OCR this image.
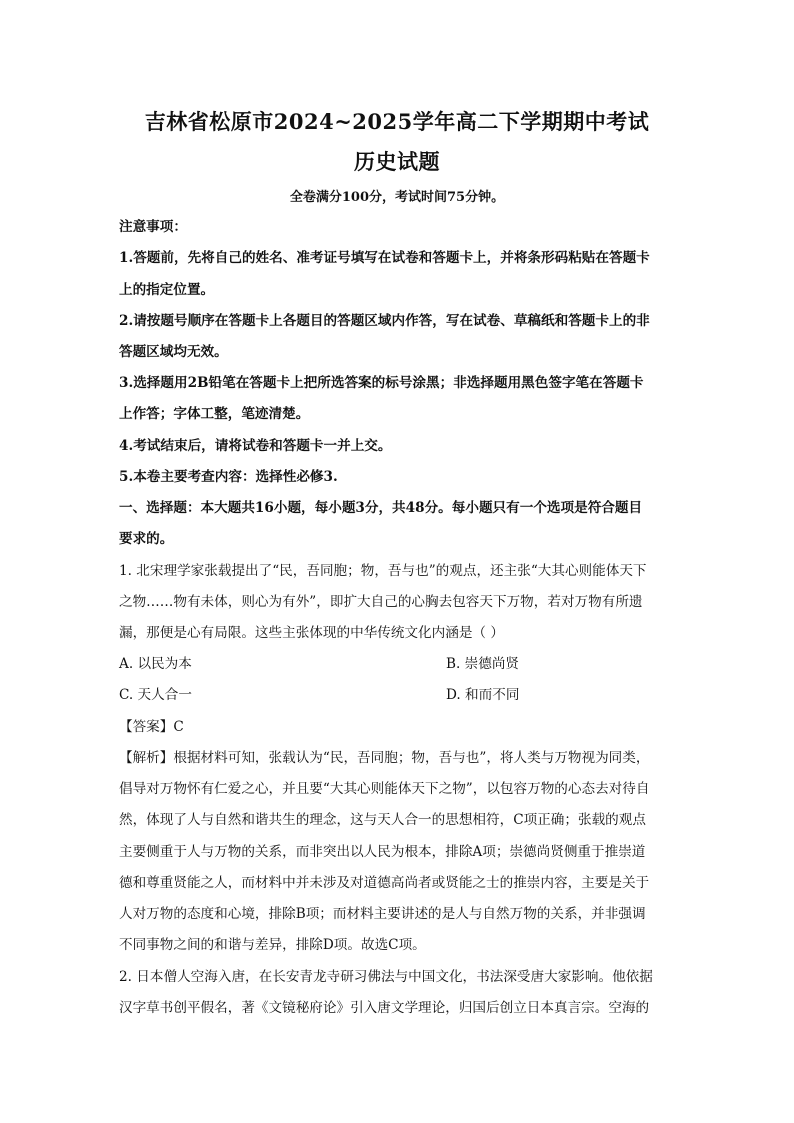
吉林省松原市2024~2025学年高二下学期期中考试
历史试题
全卷满分100分，考试时间75分钟。
注意事项：
1.答题前，先将自己的姓名、准考证号填写在试卷和答题卡上，并将条形码粘贴在答题卡
上的指定位置。
2.请按题号顺序在答题卡上各题目的答题区域内作答，写在试卷、草稿纸和答题卡上的非
答题区域均无效。
3.选择题用2B铅笔在答题卡上把所选答案的标号涂黑；非选择题用黑色签字笔在答题卡
上作答；字体工整，笔迹清楚。
4.考试结束后，请将试卷和答题卡一并上交。
5.本卷主要考查内容：选择性必修3.
一、选择题：本大题共16小题，每小题3分，共48分。每小题只有一个选项是符合题目
要求的。
1. 北宋理学家张载提出了“民，吾同胞；物，吾与也”的观点，还主张“大其心则能体天下
之物……物有未体，则心为有外”，即扩大自己的心胸去包容天下万物，若对万物有所遗
漏，那便是心有局限。这些主张体现的中华传统文化内涵是（ ）
A. 以民为本	B. 崇德尚贤
C. 天人合一	D. 和而不同
【答案】C
【解析】根据材料可知，张载认为“民，吾同胞；物，吾与也”，将人类与万物视为同类，
倡导对万物怀有仁爱之心，并且要“大其心则能体天下之物”，以包容万物的心态去对待自
然，体现了人与自然和谐共生的理念，这与天人合一的思想相符，C项正确；张载的观点
主要侧重于人与万物的关系，而非突出以人民为根本，排除A项；崇德尚贤侧重于推崇道
德和尊重贤能之人，而材料中并未涉及对道德高尚者或贤能之士的推崇内容，主要是关于
人对万物的态度和心境，排除B项；而材料主要讲述的是人与自然万物的关系，并非强调
不同事物之间的和谐与差异，排除D项。故选C项。
2. 日本僧人空海入唐，在长安青龙寺研习佛法与中国文化，书法深受唐大家影响。他依据
汉字草书创平假名，著《文镜秘府论》引入唐文学理论，归国后创立日本真言宗。空海的
